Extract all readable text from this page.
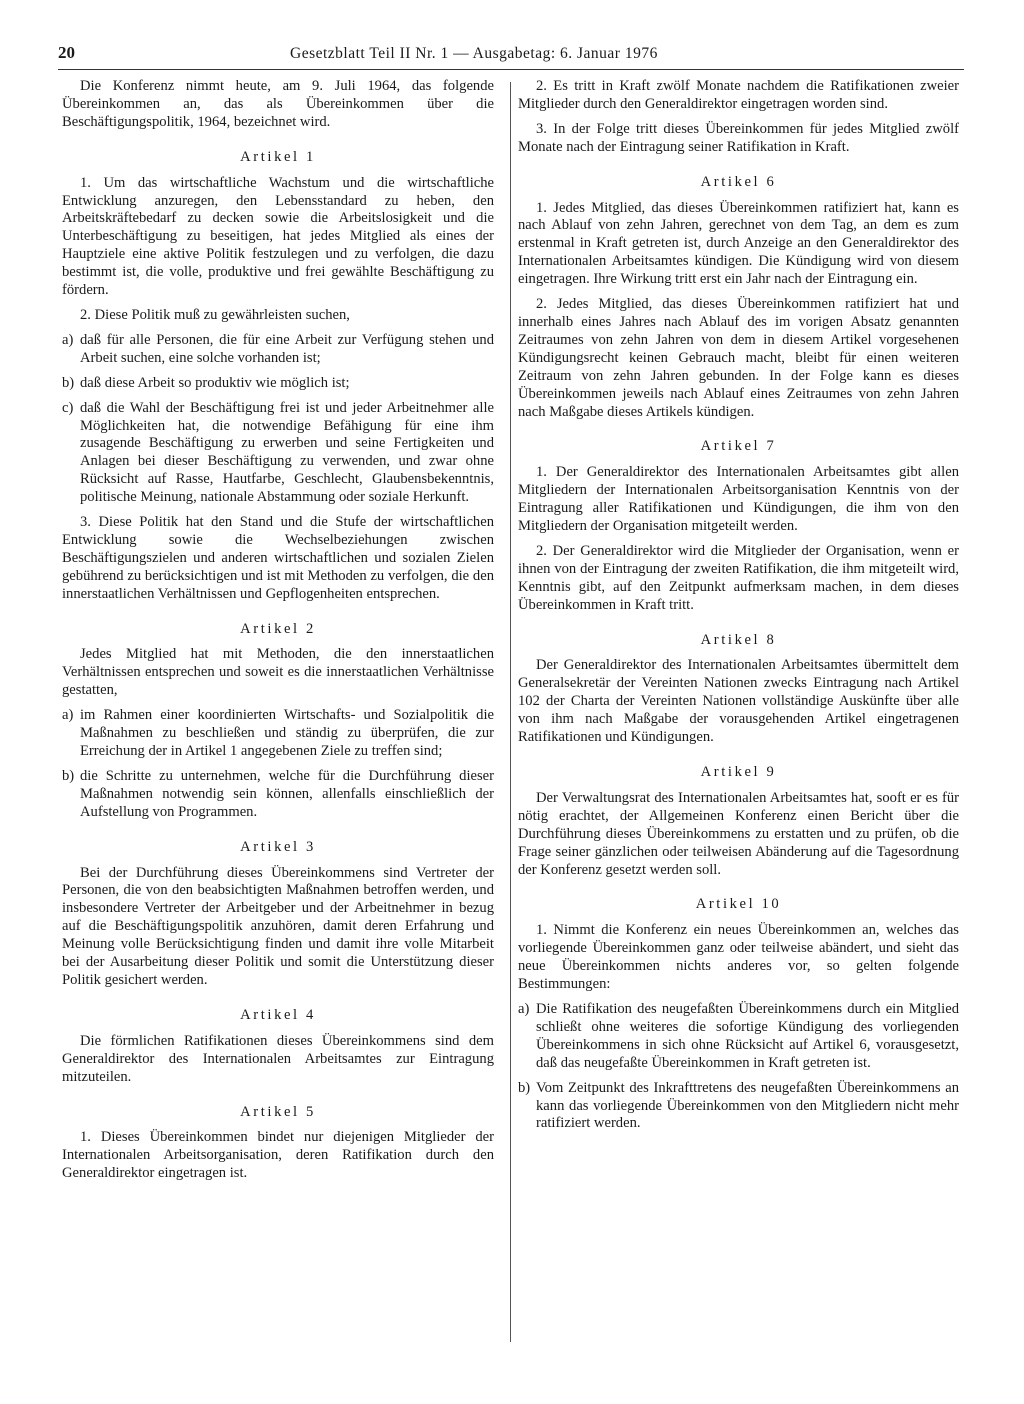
20	Gesetzblatt Teil II Nr. 1 — Ausgabetag: 6. Januar 1976

Die Konferenz nimmt heute, am 9. Juli 1964, das folgende Übereinkommen an, das als Übereinkommen über die Beschäftigungspolitik, 1964, bezeichnet wird.

Artikel 1

1. Um das wirtschaftliche Wachstum und die wirtschaftliche Entwicklung anzuregen, den Lebensstandard zu heben, den Arbeitskräftebedarf zu decken sowie die Arbeitslosigkeit und die Unterbeschäftigung zu beseitigen, hat jedes Mitglied als eines der Hauptziele eine aktive Politik festzulegen und zu verfolgen, die dazu bestimmt ist, die volle, produktive und frei gewählte Beschäftigung zu fördern.

2. Diese Politik muß zu gewährleisten suchen,

a) daß für alle Personen, die für eine Arbeit zur Verfügung stehen und Arbeit suchen, eine solche vorhanden ist;
b) daß diese Arbeit so produktiv wie möglich ist;
c) daß die Wahl der Beschäftigung frei ist und jeder Arbeitnehmer alle Möglichkeiten hat, die notwendige Befähigung für eine ihm zusagende Beschäftigung zu erwerben und seine Fertigkeiten und Anlagen bei dieser Beschäftigung zu verwenden, und zwar ohne Rücksicht auf Rasse, Hautfarbe, Geschlecht, Glaubensbekenntnis, politische Meinung, nationale Abstammung oder soziale Herkunft.

3. Diese Politik hat den Stand und die Stufe der wirtschaftlichen Entwicklung sowie die Wechselbeziehungen zwischen Beschäftigungszielen und anderen wirtschaftlichen und sozialen Zielen gebührend zu berücksichtigen und ist mit Methoden zu verfolgen, die den innerstaatlichen Verhältnissen und Gepflogenheiten entsprechen.

Artikel 2

Jedes Mitglied hat mit Methoden, die den innerstaatlichen Verhältnissen entsprechen und soweit es die innerstaatlichen Verhältnisse gestatten,

a) im Rahmen einer koordinierten Wirtschafts- und Sozialpolitik die Maßnahmen zu beschließen und ständig zu überprüfen, die zur Erreichung der in Artikel 1 angegebenen Ziele zu treffen sind;
b) die Schritte zu unternehmen, welche für die Durchführung dieser Maßnahmen notwendig sein können, allenfalls einschließlich der Aufstellung von Programmen.
Artikel 3

Bei der Durchführung dieses Übereinkommens sind Vertreter der Personen, die von den beabsichtigten Maßnahmen betroffen werden, und insbesondere Vertreter der Arbeitgeber und der Arbeitnehmer in bezug auf die Beschäftigungspolitik anzuhören, damit deren Erfahrung und Meinung volle Berücksichtigung finden und damit ihre volle Mitarbeit bei der Ausarbeitung dieser Politik und somit die Unterstützung dieser Politik gesichert werden.

Artikel 4

Die förmlichen Ratifikationen dieses Übereinkommens sind dem Generaldirektor des Internationalen Arbeitsamtes zur Eintragung mitzuteilen.

Artikel 5

1. Dieses Übereinkommen bindet nur diejenigen Mitglieder der Internationalen Arbeitsorganisation, deren Ratifikation durch den Generaldirektor eingetragen ist.

2. Es tritt in Kraft zwölf Monate nachdem die Ratifikationen zweier Mitglieder durch den Generaldirektor eingetragen worden sind.

3. In der Folge tritt dieses Übereinkommen für jedes Mitglied zwölf Monate nach der Eintragung seiner Ratifikation in Kraft.

Artikel 6

1. Jedes Mitglied, das dieses Übereinkommen ratifiziert hat, kann es nach Ablauf von zehn Jahren, gerechnet von dem Tag, an dem es zum erstenmal in Kraft getreten ist, durch Anzeige an den Generaldirektor des Internationalen Arbeitsamtes kündigen. Die Kündigung wird von diesem eingetragen. Ihre Wirkung tritt erst ein Jahr nach der Eintragung ein.

2. Jedes Mitglied, das dieses Übereinkommen ratifiziert hat und innerhalb eines Jahres nach Ablauf des im vorigen Absatz genannten Zeitraumes von zehn Jahren von dem in diesem Artikel vorgesehenen Kündigungsrecht keinen Gebrauch macht, bleibt für einen weiteren Zeitraum von zehn Jahren gebunden. In der Folge kann es dieses Übereinkommen jeweils nach Ablauf eines Zeitraumes von zehn Jahren nach Maßgabe dieses Artikels kündigen.

Artikel 7

1. Der Generaldirektor des Internationalen Arbeitsamtes gibt allen Mitgliedern der Internationalen Arbeitsorganisation Kenntnis von der Eintragung aller Ratifikationen und Kündigungen, die ihm von den Mitgliedern der Organisation mitgeteilt werden.

2. Der Generaldirektor wird die Mitglieder der Organisation, wenn er ihnen von der Eintragung der zweiten Ratifikation, die ihm mitgeteilt wird, Kenntnis gibt, auf den Zeitpunkt aufmerksam machen, in dem dieses Übereinkommen in Kraft tritt.

Artikel 8

Der Generaldirektor des Internationalen Arbeitsamtes übermittelt dem Generalsekretär der Vereinten Nationen zwecks Eintragung nach Artikel 102 der Charta der Vereinten Nationen vollständige Auskünfte über alle von ihm nach Maßgabe der vorausgehenden Artikel eingetragenen Ratifikationen und Kündigungen.

Artikel 9

Der Verwaltungsrat des Internationalen Arbeitsamtes hat, sooft er es für nötig erachtet, der Allgemeinen Konferenz einen Bericht über die Durchführung dieses Übereinkommens zu erstatten und zu prüfen, ob die Frage seiner gänzlichen oder teilweisen Abänderung auf die Tagesordnung der Konferenz gesetzt werden soll.

Artikel 10

1. Nimmt die Konferenz ein neues Übereinkommen an, welches das vorliegende Übereinkommen ganz oder teilweise abändert, und sieht das neue Übereinkommen nichts anderes vor, so gelten folgende Bestimmungen:

a) Die Ratifikation des neugefaßten Übereinkommens durch ein Mitglied schließt ohne weiteres die sofortige Kündigung des vorliegenden Übereinkommens in sich ohne Rücksicht auf Artikel 6, vorausgesetzt, daß das neugefaßte Übereinkommen in Kraft getreten ist.
b) Vom Zeitpunkt des Inkrafttretens des neugefaßten Übereinkommens an kann das vorliegende Übereinkommen von den Mitgliedern nicht mehr ratifiziert werden.
